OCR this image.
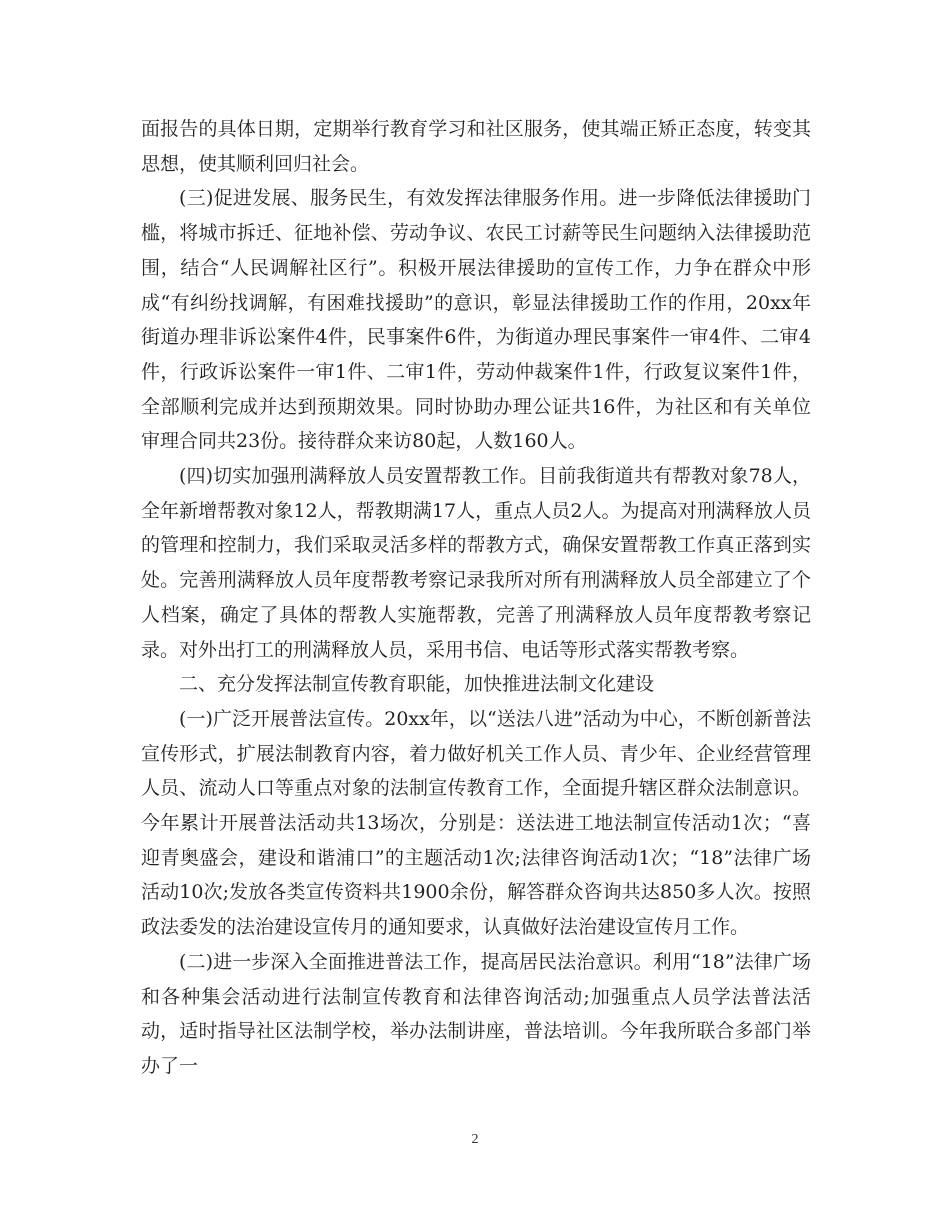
面报告的具体日期，定期举行教育学习和社区服务，使其端正矫正态度，转变其思想，使其顺利回归社会。

(三)促进发展、服务民生，有效发挥法律服务作用。进一步降低法律援助门槛，将城市拆迁、征地补偿、劳动争议、农民工讨薪等民生问题纳入法律援助范围，结合“人民调解社区行”。积极开展法律援助的宣传工作，力争在群众中形成“有纠纷找调解，有困难找援助”的意识，彰显法律援助工作的作用，20xx年街道办理非诉讼案件4件，民事案件6件，为街道办理民事案件一审4件、二审4件，行政诉讼案件一审1件、二审1件，劳动仲裁案件1件，行政复议案件1件，全部顺利完成并达到预期效果。同时协助办理公证共16件，为社区和有关单位审理合同共23份。接待群众来访80起，人数160人。

(四)切实加强刑满释放人员安置帮教工作。目前我街道共有帮教对象78人，全年新增帮教对象12人，帮教期满17人，重点人员2人。为提高对刑满释放人员的管理和控制力，我们采取灵活多样的帮教方式，确保安置帮教工作真正落到实处。完善刑满释放人员年度帮教考察记录我所对所有刑满释放人员全部建立了个人档案，确定了具体的帮教人实施帮教，完善了刑满释放人员年度帮教考察记录。对外出打工的刑满释放人员，采用书信、电话等形式落实帮教考察。

二、充分发挥法制宣传教育职能，加快推进法制文化建设

(一)广泛开展普法宣传。20xx年，以“送法八进”活动为中心，不断创新普法宣传形式，扩展法制教育内容，着力做好机关工作人员、青少年、企业经营管理人员、流动人口等重点对象的法制宣传教育工作，全面提升辖区群众法制意识。今年累计开展普法活动共13场次，分别是：送法进工地法制宣传活动1次；“喜迎青奥盛会，建设和谐浦口”的主题活动1次;法律咨询活动1次；“18”法律广场活动10次;发放各类宣传资料共1900余份，解答群众咨询共达850多人次。按照政法委发的法治建设宣传月的通知要求，认真做好法治建设宣传月工作。

(二)进一步深入全面推进普法工作，提高居民法治意识。利用“18”法律广场和各种集会活动进行法制宣传教育和法律咨询活动;加强重点人员学法普法活动，适时指导社区法制学校，举办法制讲座，普法培训。今年我所联合多部门举办了一

2
